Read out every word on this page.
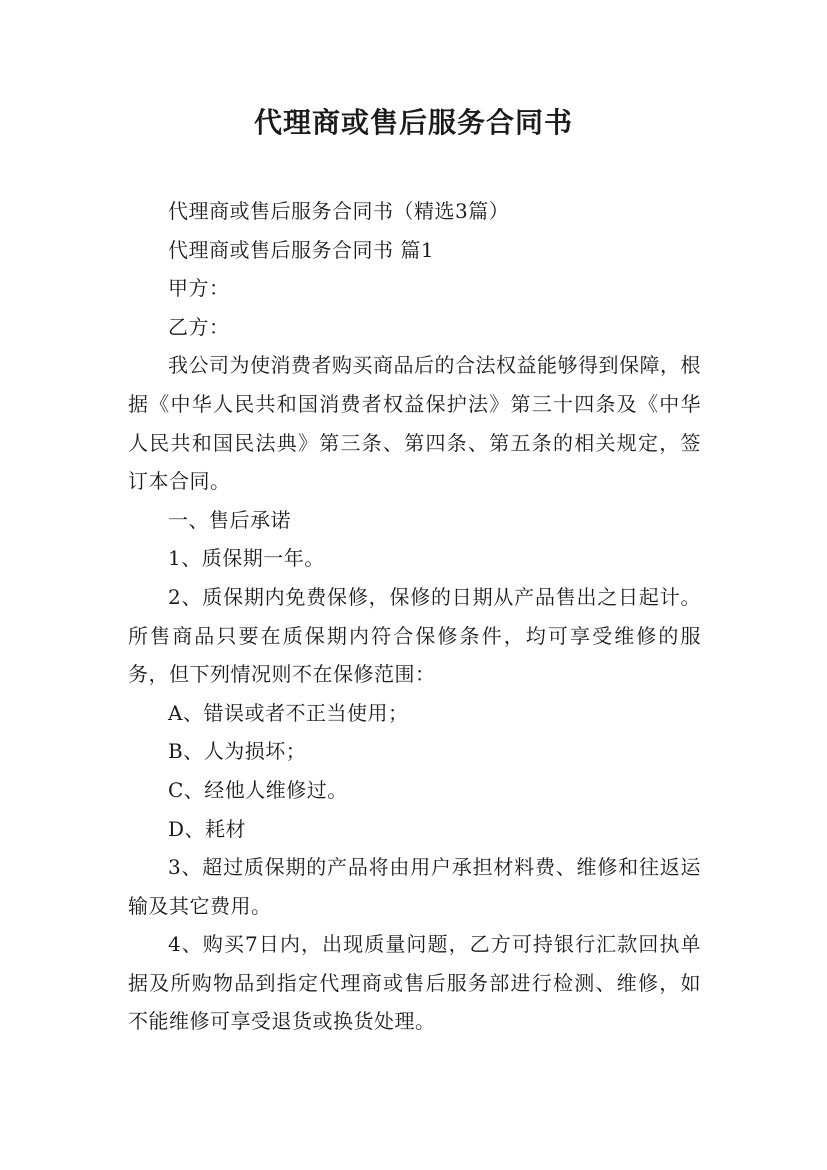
代理商或售后服务合同书

代理商或售后服务合同书（精选3篇）

代理商或售后服务合同书 篇1

甲方：

乙方：

我公司为使消费者购买商品后的合法权益能够得到保障，根据《中华人民共和国消费者权益保护法》第三十四条及《中华人民共和国民法典》第三条、第四条、第五条的相关规定，签订本合同。

一、售后承诺

1、质保期一年。

2、质保期内免费保修，保修的日期从产品售出之日起计。所售商品只要在质保期内符合保修条件，均可享受维修的服务，但下列情况则不在保修范围：

A、错误或者不正当使用；

B、人为损坏；

C、经他人维修过。

D、耗材

3、超过质保期的产品将由用户承担材料费、维修和往返运输及其它费用。

4、购买7日内，出现质量问题，乙方可持银行汇款回执单据及所购物品到指定代理商或售后服务部进行检测、维修，如不能维修可享受退货或换货处理。
